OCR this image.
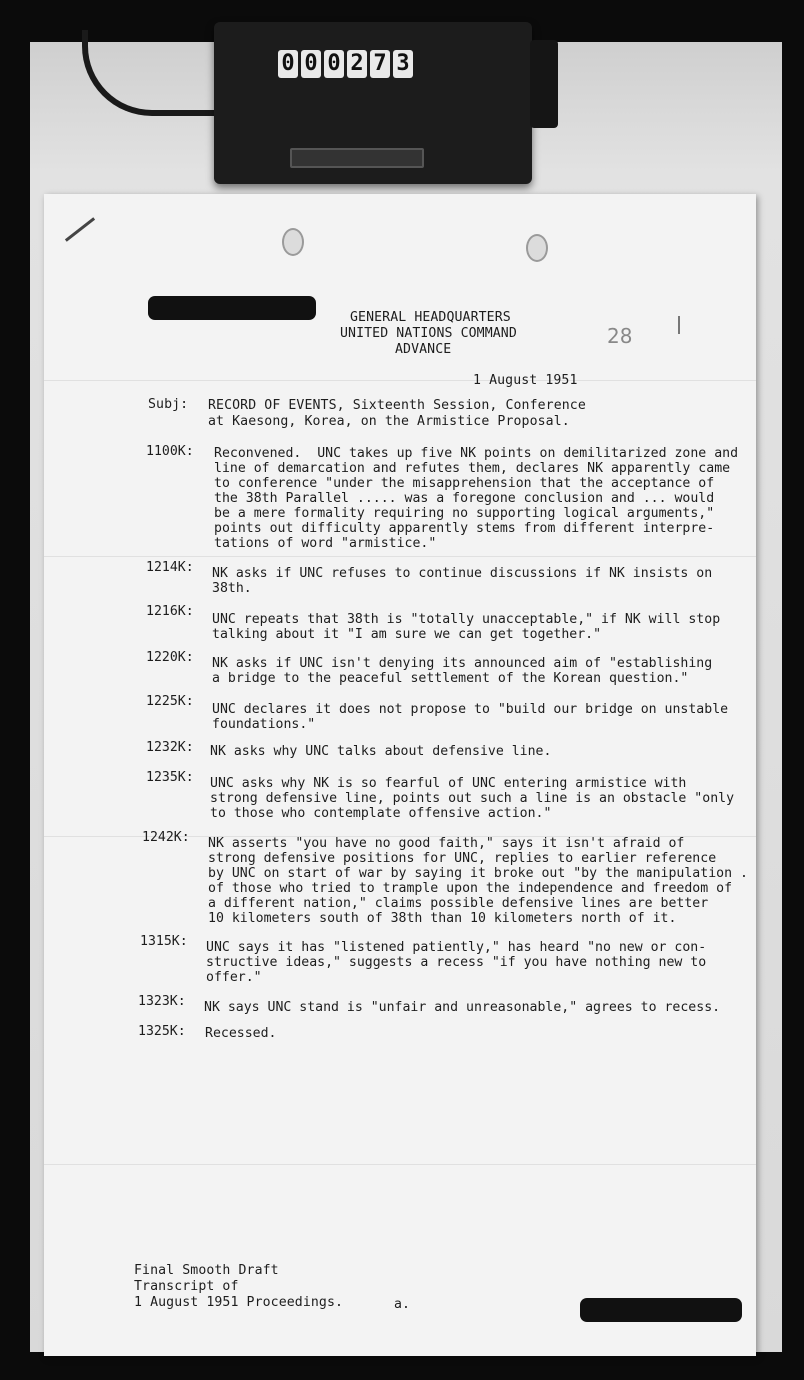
0 0 0 2 7 3
GENERAL HEADQUARTERS
UNITED NATIONS COMMAND
ADVANCE
28
1 August 1951
Subj: RECORD OF EVENTS, Sixteenth Session, Conference
at Kaesong, Korea, on the Armistice Proposal.
1100K: Reconvened.  UNC takes up five NK points on demilitarized zone and
line of demarcation and refutes them, declares NK apparently came
to conference "under the misapprehension that the acceptance of
the 38th Parallel ..... was a foregone conclusion and ... would
be a mere formality requiring no supporting logical arguments,"
points out difficulty apparently stems from different interpre-
tations of word "armistice."
1214K: NK asks if UNC refuses to continue discussions if NK insists on
38th.
1216K:
UNC repeats that 38th is "totally unacceptable," if NK will stop
talking about it "I am sure we can get together."
1220K: NK asks if UNC isn't denying its announced aim of "establishing
a bridge to the peaceful settlement of the Korean question."
1225K:
UNC declares it does not propose to "build our bridge on unstable
foundations."
1232K: NK asks why UNC talks about defensive line.
1235K: UNC asks why NK is so fearful of UNC entering armistice with
strong defensive line, points out such a line is an obstacle "only
to those who contemplate offensive action."
1242K: NK asserts "you have no good faith," says it isn't afraid of
strong defensive positions for UNC, replies to earlier reference
by UNC on start of war by saying it broke out "by the manipulation .
of those who tried to trample upon the independence and freedom of
a different nation," claims possible defensive lines are better
10 kilometers south of 38th than 10 kilometers north of it.
1315K: UNC says it has "listened patiently," has heard "no new or con-
structive ideas," suggests a recess "if you have nothing new to
offer."
1323K: NK says UNC stand is "unfair and unreasonable," agrees to recess.
1325K: Recessed.
Final Smooth Draft
Transcript of
1 August 1951 Proceedings.	a.
